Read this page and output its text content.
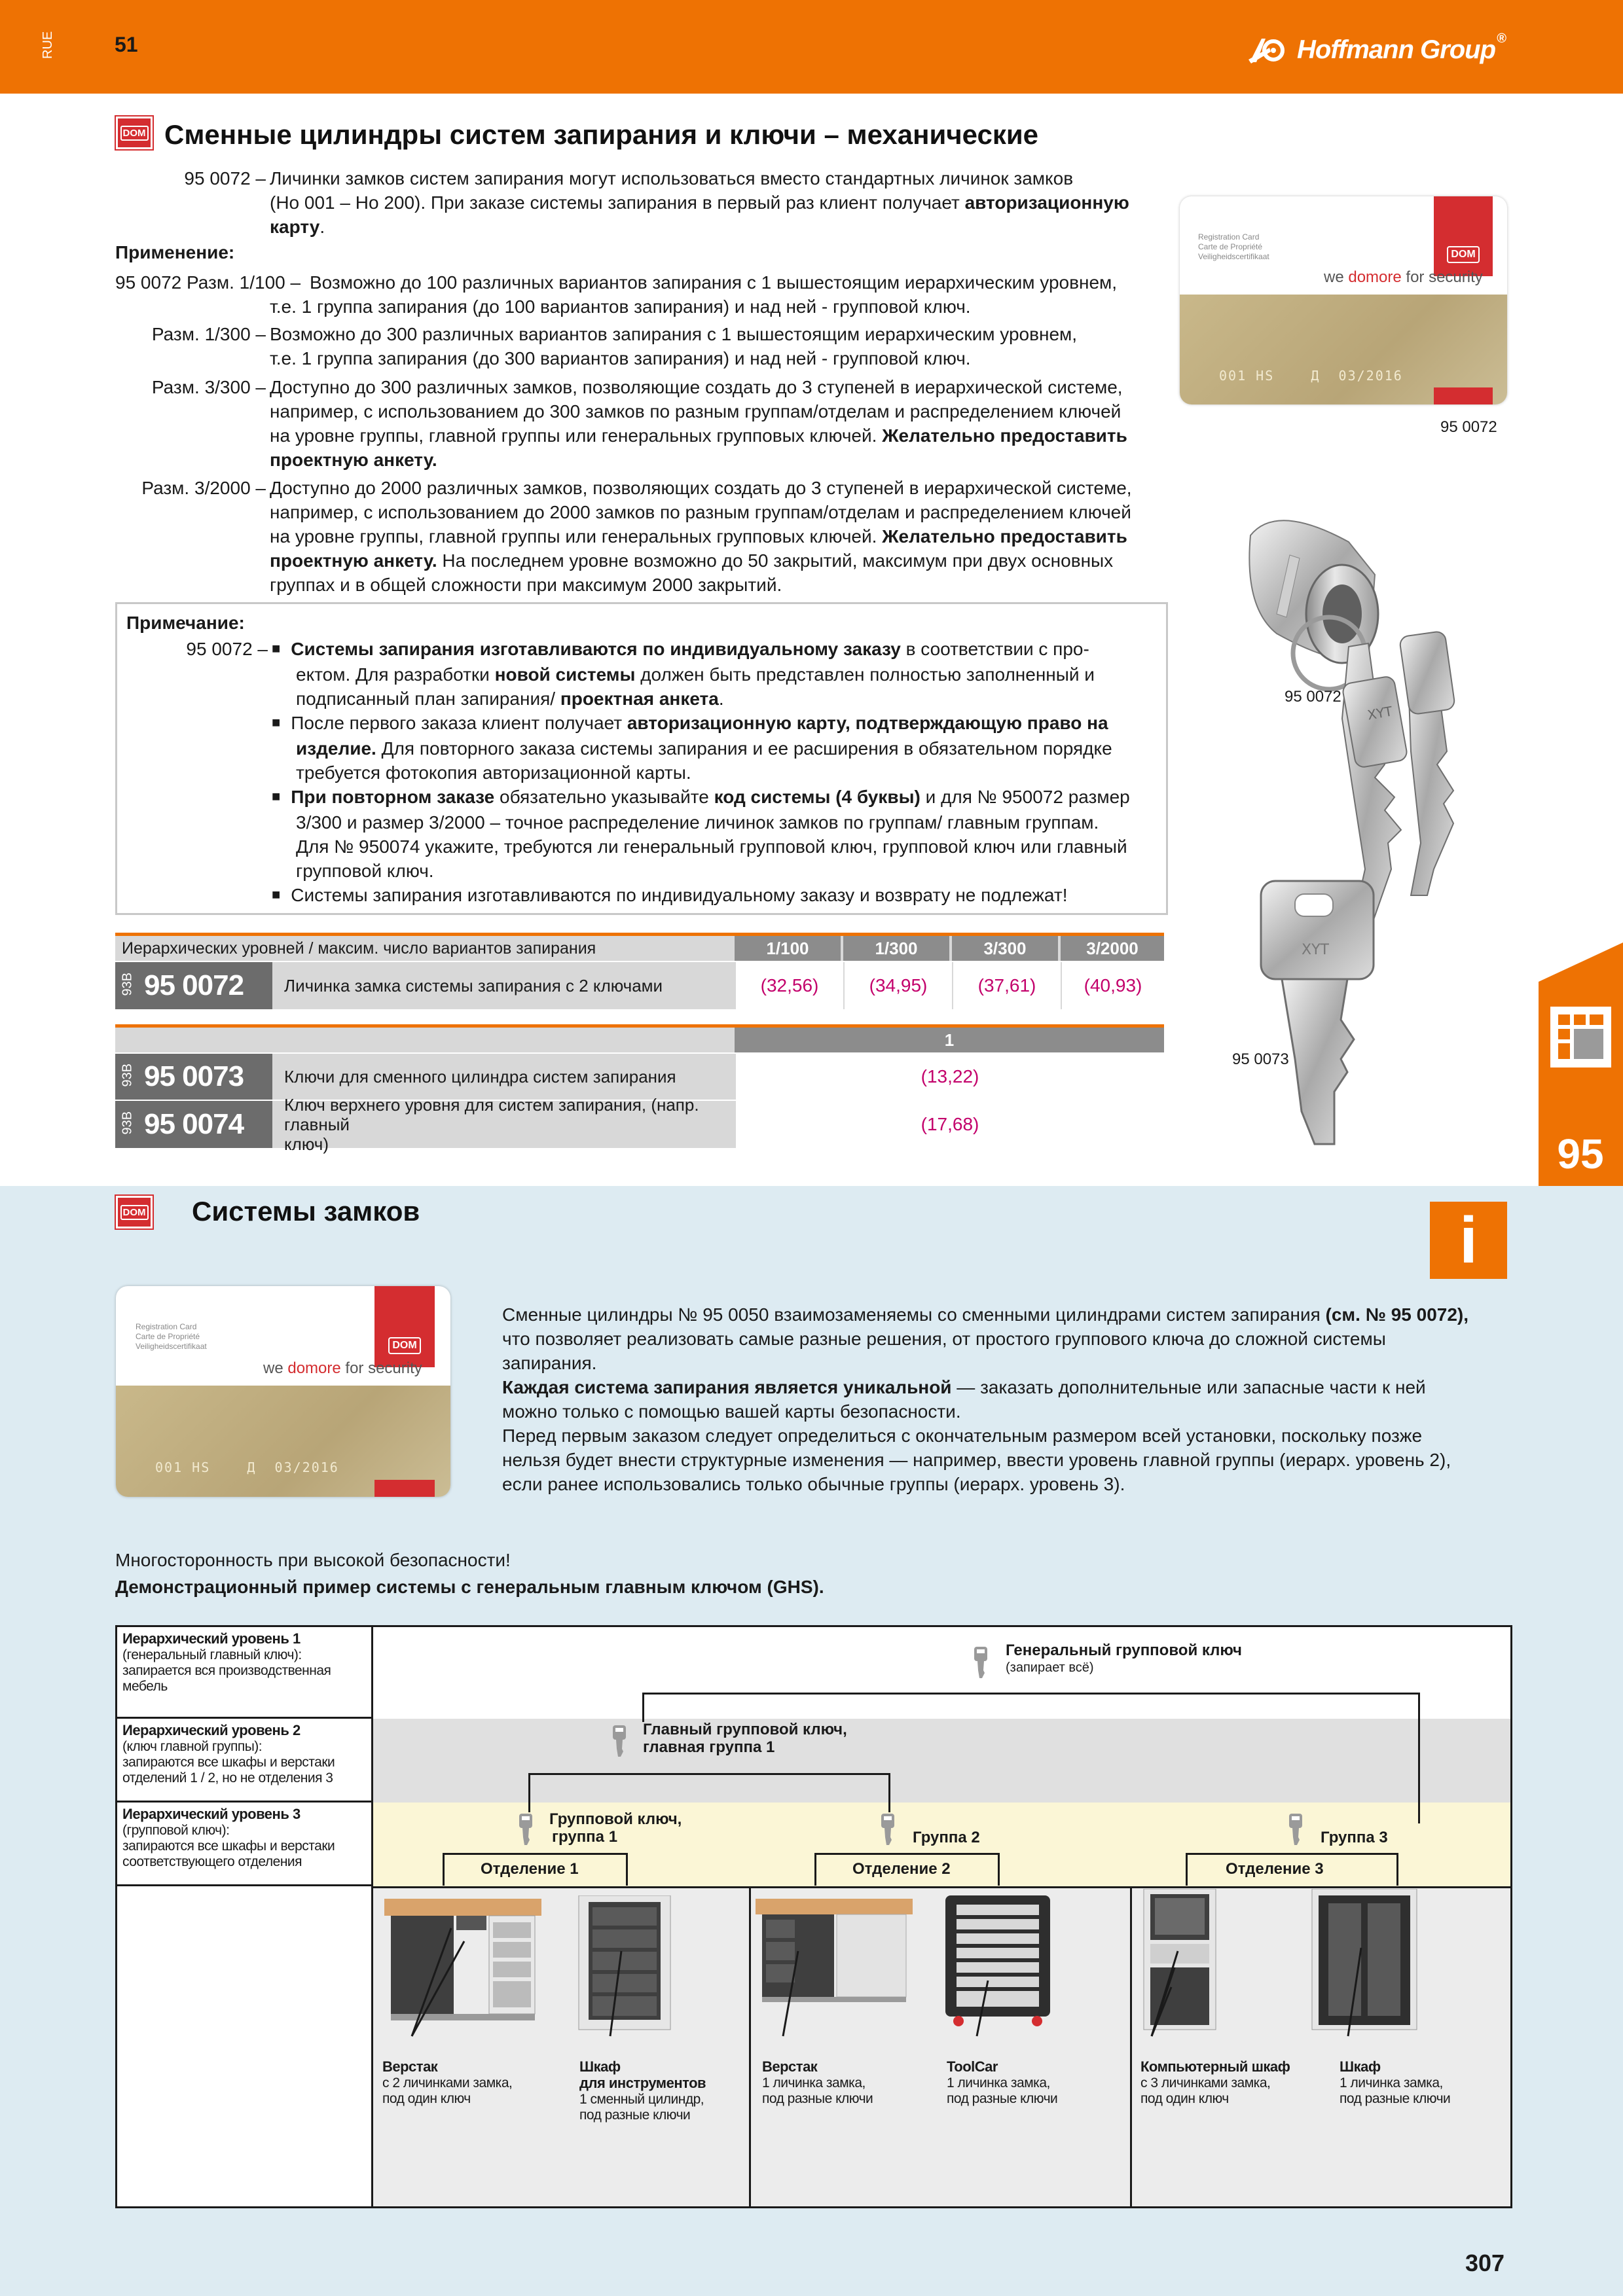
RUE	51	Hoffmann Group ®
DOM Сменные цилиндры систем запирания и ключи – механические
95 0072 – Личинки замков систем запирания могут использоваться вместо стандартных личинок замков
(Но 001 – Но 200). При заказе системы запирания в первый раз клиент получает авторизационную
карту.
Применение:
95 0072 Разм. 1/100 – Возможно до 100 различных вариантов запирания с 1 вышестоящим иерархическим уровнем,
т.е. 1 группа запирания (до 100 вариантов запирания) и над ней - групповой ключ.
Разм. 1/300 – Возможно до 300 различных вариантов запирания с 1 вышестоящим иерархическим уровнем,
т.е. 1 группа запирания (до 300 вариантов запирания) и над ней - групповой ключ.
Разм. 3/300 – Доступно до 300 различных замков, позволяющие создать до 3 ступеней в иерархической системе,
например, с использованием до 300 замков по разным группам/отделам и распределением ключей
на уровне группы, главной группы или генеральных групповых ключей. Желательно предоставить
проектную анкету.
Разм. 3/2000 – Доступно до 2000 различных замков, позволяющих создать до 3 ступеней в иерархической системе,
например, с использованием до 2000 замков по разным группам/отделам и распределением ключей
на уровне группы, главной группы или генеральных групповых ключей. Желательно предоставить
проектную анкету. На последнем уровне возможно до 50 закрытий, максимум при двух основных
группах и в общей сложности при максимум 2000 закрытий.
Примечание:
95 0072 –
■	Системы запирания изготавливаются по индивидуальному заказу в соответствии с про-
ектом. Для разработки новой системы должен быть представлен полностью заполненный и
подписанный план запирания/ проектная анкета.
■ После первого заказа клиент получает авторизационную карту, подтверждающую право на
изделие. Для повторного заказа системы запирания и ее расширения в обязательном порядке
требуется фотокопия авторизационной карты.
■ При повторном заказе обязательно указывайте код системы (4 буквы) и для № 950072 размер
3/300 и размер 3/2000 – точное распределение личинок замков по группам/ главным группам.
Для № 950074 укажите, требуются ли генеральный групповой ключ, групповой ключ или главный
групповой ключ.
■ Системы запирания изготавливаются по индивидуальному заказу и возврату не подлежат!
Иерархических уровней / максим. число вариантов запирания	1/100	1/300	3/300	3/2000
93B 95 0072	Личинка замка системы запирания с 2 ключами	(32,56)	(34,95)	(37,61)	(40,93)
1
93B 95 0073	Ключи для сменного цилиндра систем запирания	(13,22)
93B 95 0074
Ключ верхнего уровня для систем запирания, (напр. главный
ключ)
(17,68)
Registration Card
Carte de Propriété
Veiligheidscertifikaat	DOM
we domore for security
001 HS    Д  03/2016
95 0072
XYT
95 0072
XYT
95 0073
95
DOM Системы замков	i
Registration Card
Carte de Propriété
Veiligheidscertifikaat	DOM
we domore for security
001 HS    Д  03/2016
Сменные цилиндры № 95 0050 взаимозаменяемы со сменными цилиндрами систем запирания (см. № 95 0072),
что позволяет реализовать самые разные решения, от простого группового ключа до сложной системы
запирания.
Каждая система запирания является уникальной — заказать дополнительные или запасные части к ней
можно только с помощью вашей карты безопасности.
Перед первым заказом следует определиться с окончательным размером всей установки, поскольку позже
нельзя будет внести структурные изменения — например, ввести уровень главной группы (иерарх. уровень 2),
если ранее использовались только обычные группы (иерарх. уровень 3).
Многосторонность при высокой безопасности!
Демонстрационный пример системы с генеральным главным ключом (GHS).
Иерархический уровень 1
(генеральный главный ключ):
запирается вся производственная
мебель
Иерархический уровень 2
(ключ главной группы):
запираются все шкафы и верстаки
отделений 1 / 2, но не отделения 3
Иерархический уровень 3
(групповой ключ):
запираются все шкафы и верстаки
соответствующего отделения
Генеральный групповой ключ
(запирает всё)
Главный групповой ключ,
главная группа 1
Групповой ключ,
группа 1	Группа 2	Группа 3
Отделение 1	Отделение 2	Отделение 3
Верстак
с 2 личинками замка,
под один ключ
Шкаф
для инструментов
1 сменный цилиндр,
под разные ключи
Верстак
1 личинка замка,
под разные ключи
ToolCar
1 личинка замка,
под разные ключи
Компьютерный шкаф
с 3 личинками замка,
под один ключ
Шкаф
1 личинка замка,
под разные ключи
307
